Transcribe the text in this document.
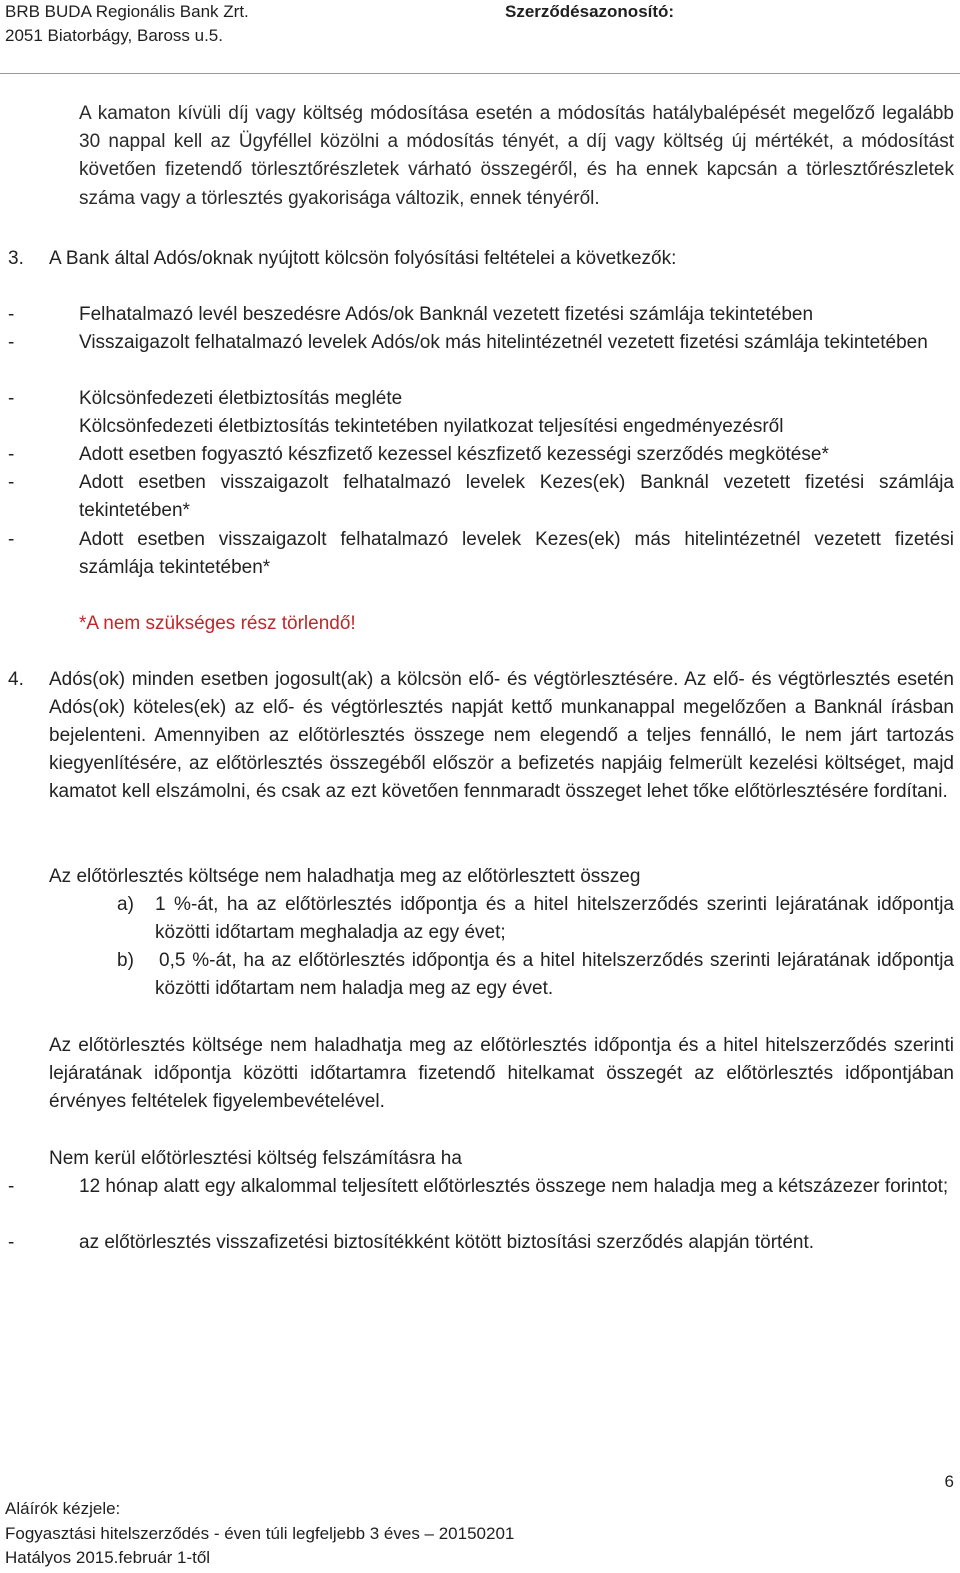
BRB BUDA Regionális Bank Zrt.
2051 Biatorbágy, Baross u.5.
Szerződésazonosító:
A kamaton kívüli díj vagy költség módosítása esetén a módosítás hatálybalépését megelőző legalább 30 nappal kell az Ügyféllel közölni a módosítás tényét, a díj vagy költség új mértékét, a módosítást követően fizetendő törlesztőrészletek várható összegéről, és ha ennek kapcsán a törlesztőrészletek száma vagy a törlesztés gyakorisága változik, ennek tényéről.
3. A Bank által Adós/oknak nyújtott kölcsön folyósítási feltételei a következők:
-	Felhatalmazó levél beszedésre Adós/ok Banknál vezetett fizetési számlája tekintetében
-	Visszaigazolt felhatalmazó levelek Adós/ok más hitelintézetnél vezetett fizetési számlája tekintetében
-	Kölcsönfedezeti életbiztosítás megléte
Kölcsönfedezeti életbiztosítás tekintetében nyilatkozat teljesítési engedményezésről
-	Adott esetben fogyasztó készfizető kezessel készfizető kezességi szerződés megkötése*
-	Adott esetben visszaigazolt felhatalmazó levelek Kezes(ek) Banknál vezetett fizetési számlája tekintetében*
-	Adott esetben visszaigazolt felhatalmazó levelek Kezes(ek) más hitelintézetnél vezetett fizetési számlája tekintetében*
*A nem szükséges rész törlendő!
4. Adós(ok) minden esetben jogosult(ak) a kölcsön elő- és végtörlesztésére. Az elő- és végtörlesztés esetén Adós(ok) köteles(ek) az elő- és végtörlesztés napját kettő munkanappal megelőzően a Banknál írásban bejelenteni. Amennyiben az előtörlesztés összege nem elegendő a teljes fennálló, le nem járt tartozás kiegyenlítésére, az előtörlesztés összegéből először a befizetés napjáig felmerült kezelési költséget, majd kamatot kell elszámolni, és csak az ezt követően fennmaradt összeget lehet tőke előtörlesztésére fordítani.
Az előtörlesztés költsége nem haladhatja meg az előtörlesztett összeg
a) 1 %-át, ha az előtörlesztés időpontja és a hitel hitelszerződés szerinti lejáratának időpontja közötti időtartam meghaladja az egy évet;
b) 0,5 %-át, ha az előtörlesztés időpontja és a hitel hitelszerződés szerinti lejáratának időpontja közötti időtartam nem haladja meg az egy évet.
Az előtörlesztés költsége nem haladhatja meg az előtörlesztés időpontja és a hitel hitelszerződés szerinti lejáratának időpontja közötti időtartamra fizetendő hitelkamat összegét az előtörlesztés időpontjában érvényes feltételek figyelembevételével.
Nem kerül előtörlesztési költség felszámításra ha
-	12 hónap alatt egy alkalommal teljesített előtörlesztés összege nem haladja meg a kétszázezer forintot;
-	az előtörlesztés visszafizetési biztosítékként kötött biztosítási szerződés alapján történt.
6
Aláírók kézjele:
Fogyasztási hitelszerződés - éven túli legfeljebb 3 éves – 20150201
Hatályos 2015.február 1-től
